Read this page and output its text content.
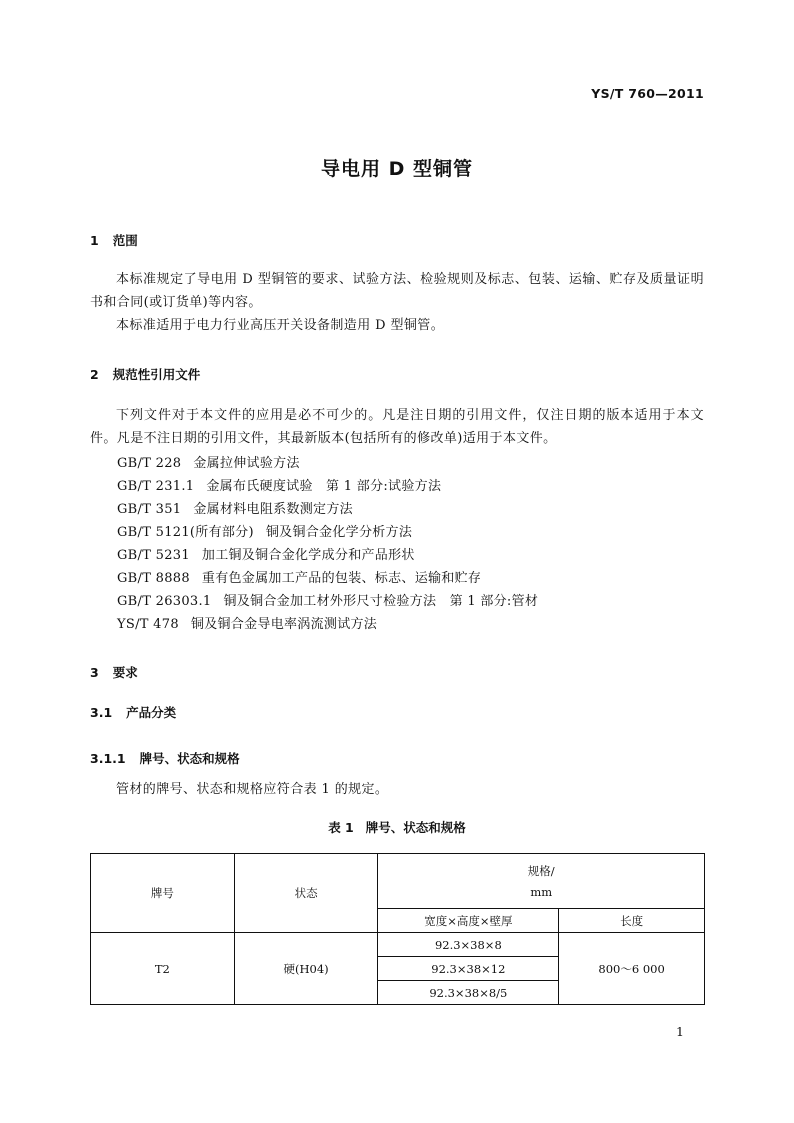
YS/T 760—2011
导电用 D 型铜管
1 范围
本标准规定了导电用 D 型铜管的要求、试验方法、检验规则及标志、包装、运输、贮存及质量证明书和合同(或订货单)等内容。
本标准适用于电力行业高压开关设备制造用 D 型铜管。
2 规范性引用文件
下列文件对于本文件的应用是必不可少的。凡是注日期的引用文件，仅注日期的版本适用于本文件。凡是不注日期的引用文件，其最新版本(包括所有的修改单)适用于本文件。
GB/T 228 金属拉伸试验方法
GB/T 231.1 金属布氏硬度试验　第 1 部分:试验方法
GB/T 351 金属材料电阻系数测定方法
GB/T 5121(所有部分) 铜及铜合金化学分析方法
GB/T 5231 加工铜及铜合金化学成分和产品形状
GB/T 8888 重有色金属加工产品的包装、标志、运输和贮存
GB/T 26303.1 铜及铜合金加工材外形尺寸检验方法　第 1 部分:管材
YS/T 478 铜及铜合金导电率涡流测试方法
3 要求
3.1 产品分类
3.1.1 牌号、状态和规格
管材的牌号、状态和规格应符合表 1 的规定。
表 1 牌号、状态和规格
牌号	状态	规格/
mm	

		宽度×高度×壁厚	长度
T2	硬(H04)	92.3×38×8	800～6 000
		92.3×38×12	
		92.3×38×8/5	
1
